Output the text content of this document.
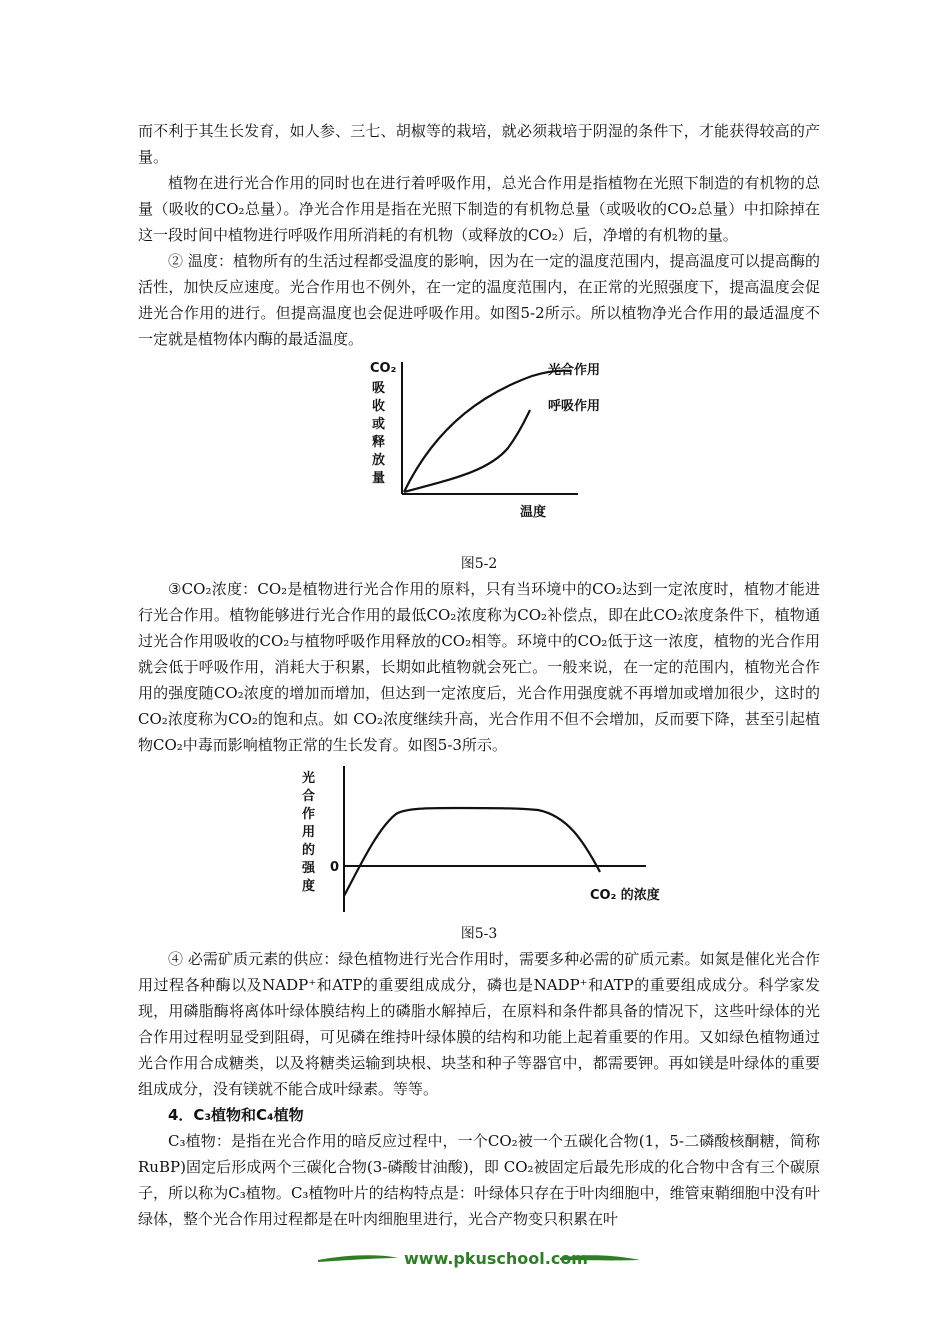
而不利于其生长发育，如人参、三七、胡椒等的栽培，就必须栽培于阴湿的条件下，才能获得较高的产量。

植物在进行光合作用的同时也在进行着呼吸作用，总光合作用是指植物在光照下制造的有机物的总量（吸收的CO₂总量）。净光合作用是指在光照下制造的有机物总量（或吸收的CO₂总量）中扣除掉在这一段时间中植物进行呼吸作用所消耗的有机物（或释放的CO₂）后，净增的有机物的量。

② 温度：植物所有的生活过程都受温度的影响，因为在一定的温度范围内，提高温度可以提高酶的活性，加快反应速度。光合作用也不例外，在一定的温度范围内，在正常的光照强度下，提高温度会促进光合作用的进行。但提高温度也会促进呼吸作用。如图5-2所示。所以植物净光合作用的最适温度不一定就是植物体内酶的最适温度。

CO₂
吸
收
或
释
放
量
光合作用
呼吸作用
温度
图5-2

③CO₂浓度：CO₂是植物进行光合作用的原料，只有当环境中的CO₂达到一定浓度时，植物才能进行光合作用。植物能够进行光合作用的最低CO₂浓度称为CO₂补偿点，即在此CO₂浓度条件下，植物通过光合作用吸收的CO₂与植物呼吸作用释放的CO₂相等。环境中的CO₂低于这一浓度，植物的光合作用就会低于呼吸作用，消耗大于积累，长期如此植物就会死亡。一般来说，在一定的范围内，植物光合作用的强度随CO₂浓度的增加而增加，但达到一定浓度后，光合作用强度就不再增加或增加很少，这时的CO₂浓度称为CO₂的饱和点。如 CO₂浓度继续升高，光合作用不但不会增加，反而要下降，甚至引起植物CO₂中毒而影响植物正常的生长发育。如图5-3所示。

光
合
作
用
的
强
度
0
CO₂ 的浓度
图5-3

④ 必需矿质元素的供应：绿色植物进行光合作用时，需要多种必需的矿质元素。如氮是催化光合作用过程各种酶以及NADP⁺和ATP的重要组成成分，磷也是NADP⁺和ATP的重要组成成分。科学家发现，用磷脂酶将离体叶绿体膜结构上的磷脂水解掉后，在原料和条件都具备的情况下，这些叶绿体的光合作用过程明显受到阻碍，可见磷在维持叶绿体膜的结构和功能上起着重要的作用。又如绿色植物通过光合作用合成糖类，以及将糖类运输到块根、块茎和种子等器官中，都需要钾。再如镁是叶绿体的重要组成成分，没有镁就不能合成叶绿素。等等。

4．C₃植物和C₄植物

C₃植物：是指在光合作用的暗反应过程中，一个CO₂被一个五碳化合物(1，5-二磷酸核酮糖，简称RuBP)固定后形成两个三碳化合物(3-磷酸甘油酸)，即 CO₂被固定后最先形成的化合物中含有三个碳原子，所以称为C₃植物。C₃植物叶片的结构特点是：叶绿体只存在于叶肉细胞中，维管束鞘细胞中没有叶绿体，整个光合作用过程都是在叶肉细胞里进行，光合产物变只积累在叶

www.pkuschool.com
